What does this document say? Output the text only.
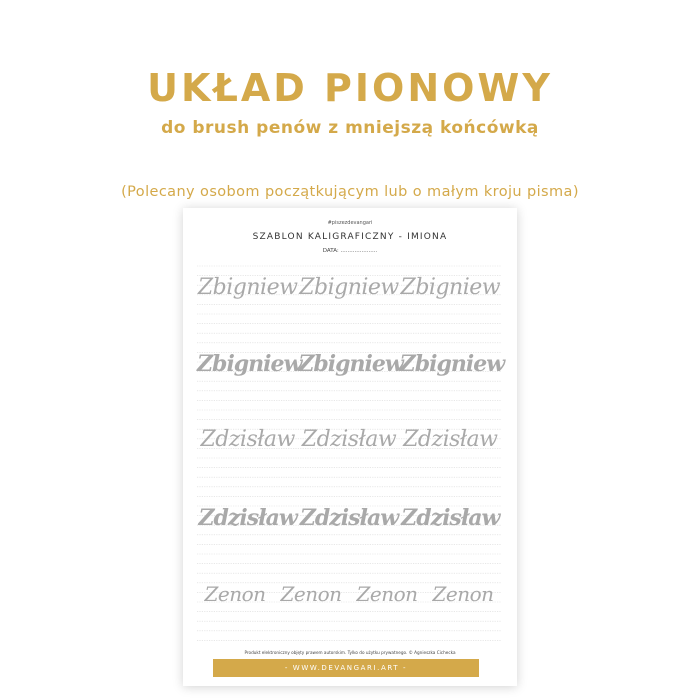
UKŁAD PIONOWY
do brush penów z mniejszą końcówką
(Polecany osobom początkującym lub o małym kroju pisma)
#piszezdevangari
SZABLON KALIGRAFICZNY - IMIONA
DATA: .....................
Zbigniew Zbigniew Zbigniew
Zbigniew
Zbigniew
Zbigniew
Zdzisław Zdzisław Zdzisław
Zdzisław Zdzisław Zdzisław
Zenon Zenon Zenon Zenon
Produkt elektroniczny objęty prawem autorskim. Tylko do użytku prywatnego. © Agnieszka Cichecka
- WWW.DEVANGARI.ART -
